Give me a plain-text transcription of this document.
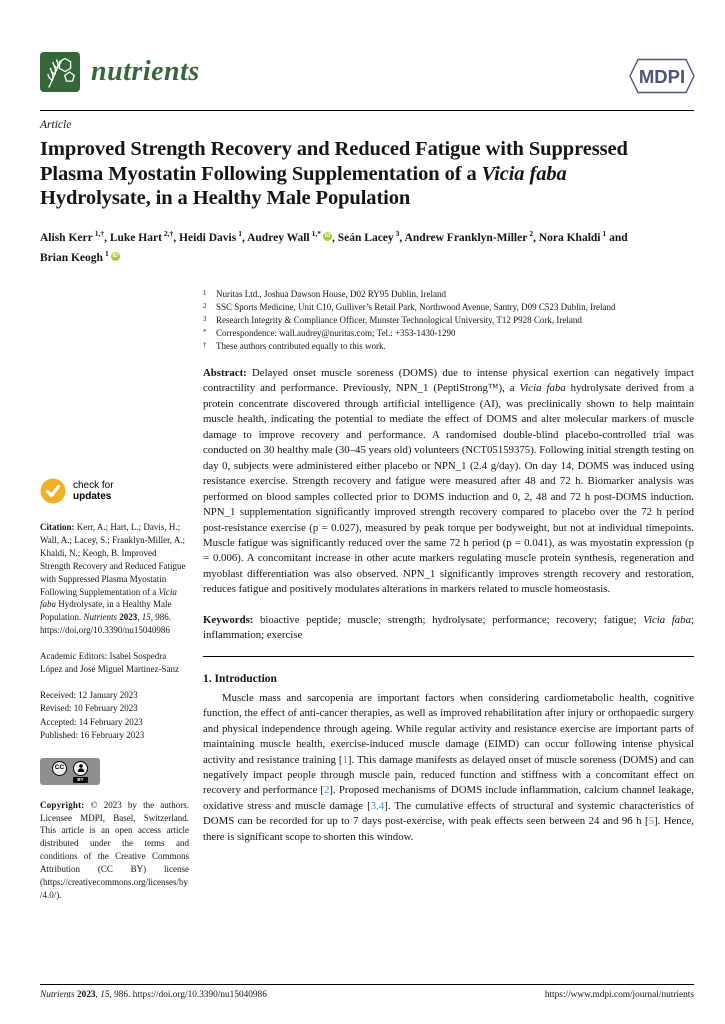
nutrients	MDPI
Article
Improved Strength Recovery and Reduced Fatigue with Suppressed Plasma Myostatin Following Supplementation of a Vicia faba Hydrolysate, in a Healthy Male Population
Alish Kerr $^{1,\dagger}$, Luke Hart $^{2,\dagger}$, Heidi Davis $^1$, Audrey Wall $^{1,*}$ iD , Seán Lacey $^3$, Andrew Franklyn-Miller $^2$, Nora Khaldi $^1$ and Brian Keogh $^1$ iD
check for
updates

Citation: Kerr, A.; Hart, L.; Davis, H.; Wall, A.; Lacey, S.; Franklyn-Miller, A.; Khaldi, N.; Keogh, B. Improved Strength Recovery and Reduced Fatigue with Suppressed Plasma Myostatin Following Supplementation of a Vicia faba Hydrolysate, in a Healthy Male Population. Nutrients 2023, 15, 986. https://doi.org/10.3390/nu15040986

Academic Editors: Isabel Sospedra López and José Miguel Martínez-Sanz

Received: 12 January 2023
Revised: 10 February 2023
Accepted: 14 February 2023
Published: 16 February 2023
CC
BY

Copyright: © 2023 by the authors. Licensee MDPI, Basel, Switzerland. This article is an open access article distributed under the terms and conditions of the Creative Commons Attribution (CC BY) license (https://creativecommons.org/licenses/by/4.0/).

1	Nuritas Ltd., Joshua Dawson House, D02 RY95 Dublin, Ireland
2	SSC Sports Medicine, Unit C10, Gulliver’s Retail Park, Northwood Avenue, Santry, D09 C523 Dublin, Ireland
3	Research Integrity & Compliance Officer, Munster Technological University, T12 P928 Cork, Ireland
*	Correspondence: wall.audrey@nuritas.com; Tel.: +353-1430-1290
†	These authors contributed equally to this work.

Abstract: Delayed onset muscle soreness (DOMS) due to intense physical exertion can negatively impact contractility and performance. Previously, NPN_1 (PeptiStrong™), a Vicia faba hydrolysate derived from a protein concentrate discovered through artificial intelligence (AI), was preclinically shown to help maintain muscle health, indicating the potential to mediate the effect of DOMS and alter molecular markers of muscle damage to improve recovery and performance. A randomised double-blind placebo-controlled trial was conducted on 30 healthy male (30–45 years old) volunteers (NCT05159375). Following initial strength testing on day 0, subjects were administered either placebo or NPN_1 (2.4 g/day). On day 14, DOMS was induced using resistance exercise. Strength recovery and fatigue were measured after 48 and 72 h. Biomarker analysis was performed on blood samples collected prior to DOMS induction and 0, 2, 48 and 72 h post-DOMS induction. NPN_1 supplementation significantly improved strength recovery compared to placebo over the 72 h period post-resistance exercise (p = 0.027), measured by peak torque per bodyweight, but not at individual timepoints. Muscle fatigue was significantly reduced over the same 72 h period (p = 0.041), as was myostatin expression (p = 0.006). A concomitant increase in other acute markers regulating muscle protein synthesis, regeneration and myoblast differentiation was also observed. NPN_1 significantly improves strength recovery and restoration, reduces fatigue and positively modulates alterations in markers related to muscle homeostasis.

Keywords: bioactive peptide; muscle; strength; hydrolysate; performance; recovery; fatigue; Vicia faba; inflammation; exercise

1. Introduction

Muscle mass and sarcopenia are important factors when considering cardiometabolic health, cognitive function, the effect of anti-cancer therapies, as well as improved rehabilitation after injury or orthopaedic surgery and physical independence through ageing. While regular activity and resistance exercise are important parts of maintaining muscle health, exercise-induced muscle damage (EIMD) can occur following intense physical activity and resistance training [1]. This damage manifests as delayed onset of muscle soreness (DOMS) and can negatively impact people through muscle pain, reduced function and stiffness with a concomitant effect on recovery and performance [2]. Proposed mechanisms of DOMS include inflammation, calcium channel leakage, oxidative stress and muscle damage [3,4]. The cumulative effects of structural and systemic characteristics of DOMS can be recorded for up to 7 days post-exercise, with peak effects seen between 24 and 96 h [5]. Hence, there is significant scope to shorten this window.

Nutrients 2023, 15, 986. https://doi.org/10.3390/nu15040986	https://www.mdpi.com/journal/nutrients
